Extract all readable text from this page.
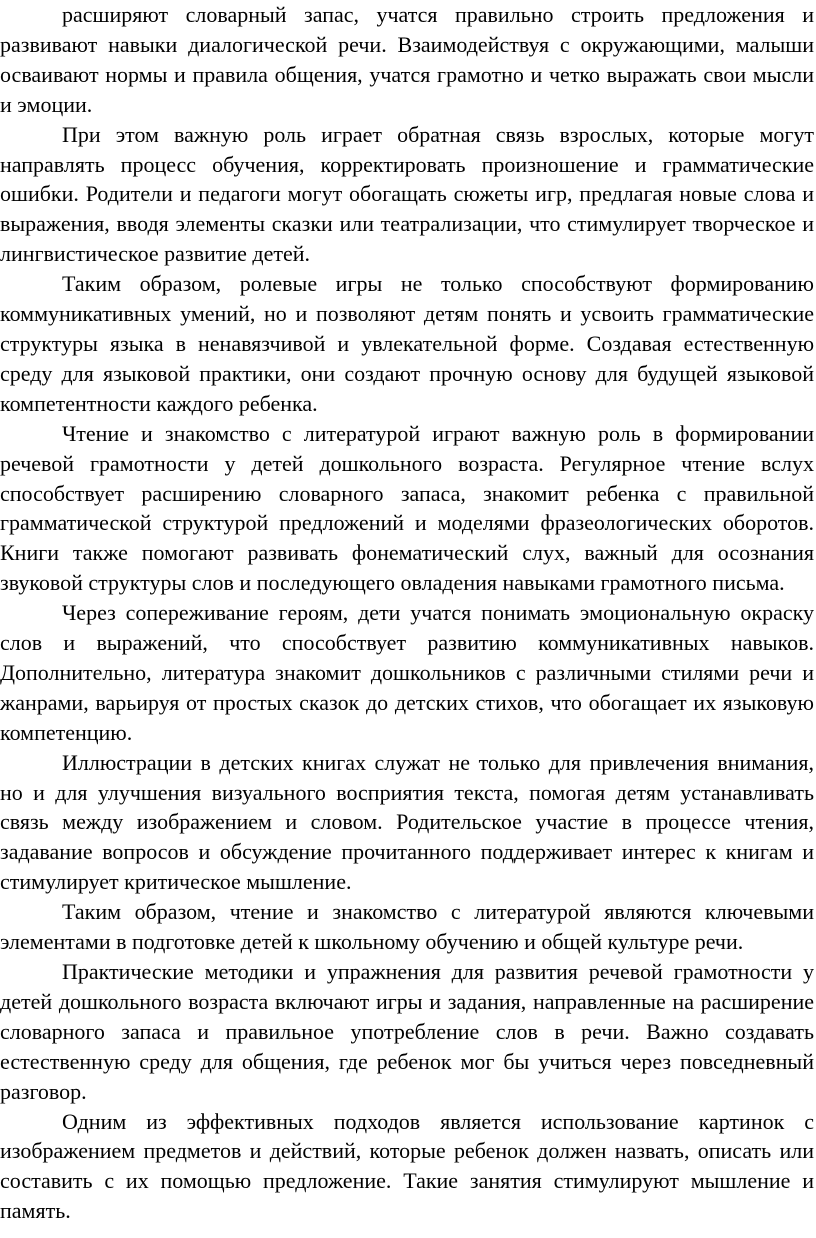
расширяют словарный запас, учатся правильно строить предложения и развивают навыки диалогической речи. Взаимодействуя с окружающими, малыши осваивают нормы и правила общения, учатся грамотно и четко выражать свои мысли и эмоции.

При этом важную роль играет обратная связь взрослых, которые могут направлять процесс обучения, корректировать произношение и грамматические ошибки. Родители и педагоги могут обогащать сюжеты игр, предлагая новые слова и выражения, вводя элементы сказки или театрализации, что стимулирует творческое и лингвистическое развитие детей.

Таким образом, ролевые игры не только способствуют формированию коммуникативных умений, но и позволяют детям понять и усвоить грамматические структуры языка в ненавязчивой и увлекательной форме. Создавая естественную среду для языковой практики, они создают прочную основу для будущей языковой компетентности каждого ребенка.

Чтение и знакомство с литературой играют важную роль в формировании речевой грамотности у детей дошкольного возраста. Регулярное чтение вслух способствует расширению словарного запаса, знакомит ребенка с правильной грамматической структурой предложений и моделями фразеологических оборотов. Книги также помогают развивать фонематический слух, важный для осознания звуковой структуры слов и последующего овладения навыками грамотного письма.

Через сопереживание героям, дети учатся понимать эмоциональную окраску слов и выражений, что способствует развитию коммуникативных навыков. Дополнительно, литература знакомит дошкольников с различными стилями речи и жанрами, варьируя от простых сказок до детских стихов, что обогащает их языковую компетенцию.

Иллюстрации в детских книгах служат не только для привлечения внимания, но и для улучшения визуального восприятия текста, помогая детям устанавливать связь между изображением и словом. Родительское участие в процессе чтения, задавание вопросов и обсуждение прочитанного поддерживает интерес к книгам и стимулирует критическое мышление.

Таким образом, чтение и знакомство с литературой являются ключевыми элементами в подготовке детей к школьному обучению и общей культуре речи.

Практические методики и упражнения для развития речевой грамотности у детей дошкольного возраста включают игры и задания, направленные на расширение словарного запаса и правильное употребление слов в речи. Важно создавать естественную среду для общения, где ребенок мог бы учиться через повседневный разговор.

Одним из эффективных подходов является использование картинок с изображением предметов и действий, которые ребенок должен назвать, описать или составить с их помощью предложение. Такие занятия стимулируют мышление и память.
